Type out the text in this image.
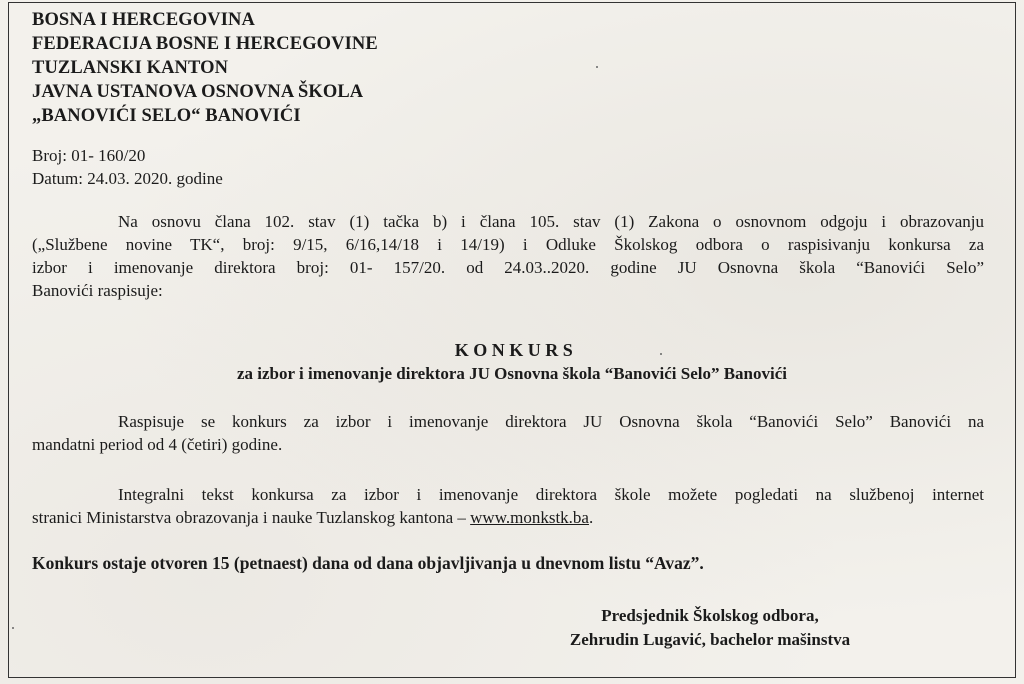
BOSNA I HERCEGOVINA
FEDERACIJA BOSNE I HERCEGOVINE
TUZLANSKI KANTON
JAVNA USTANOVA OSNOVNA ŠKOLA
„BANOVIĆI SELO“ BANOVIĆI
Broj: 01- 160/20
Datum: 24.03. 2020. godine
Na osnovu člana 102. stav (1) tačka b) i člana 105. stav (1) Zakona o osnovnom odgoju i obrazovanju
(„Službene novine TK“, broj: 9/15, 6/16,14/18 i 14/19) i Odluke Školskog odbora o raspisivanju konkursa za
izbor i imenovanje direktora broj: 01- 157/20. od 24.03..2020. godine JU Osnovna škola “Banovići Selo”
Banovići raspisuje:
KONKURS
za izbor i imenovanje direktora JU Osnovna škola “Banovići Selo” Banovići
Raspisuje se konkurs za izbor i imenovanje direktora JU Osnovna škola “Banovići Selo” Banovići na
mandatni period od 4 (četiri) godine.
Integralni tekst konkursa za izbor i imenovanje direktora škole možete pogledati na službenoj internet
stranici Ministarstva obrazovanja i nauke Tuzlanskog kantona – www.monkstk.ba.
Konkurs ostaje otvoren 15 (petnaest) dana od dana objavljivanja u dnevnom listu “Avaz”.
Predsjednik Školskog odbora,
Zehrudin Lugavić, bachelor mašinstva
